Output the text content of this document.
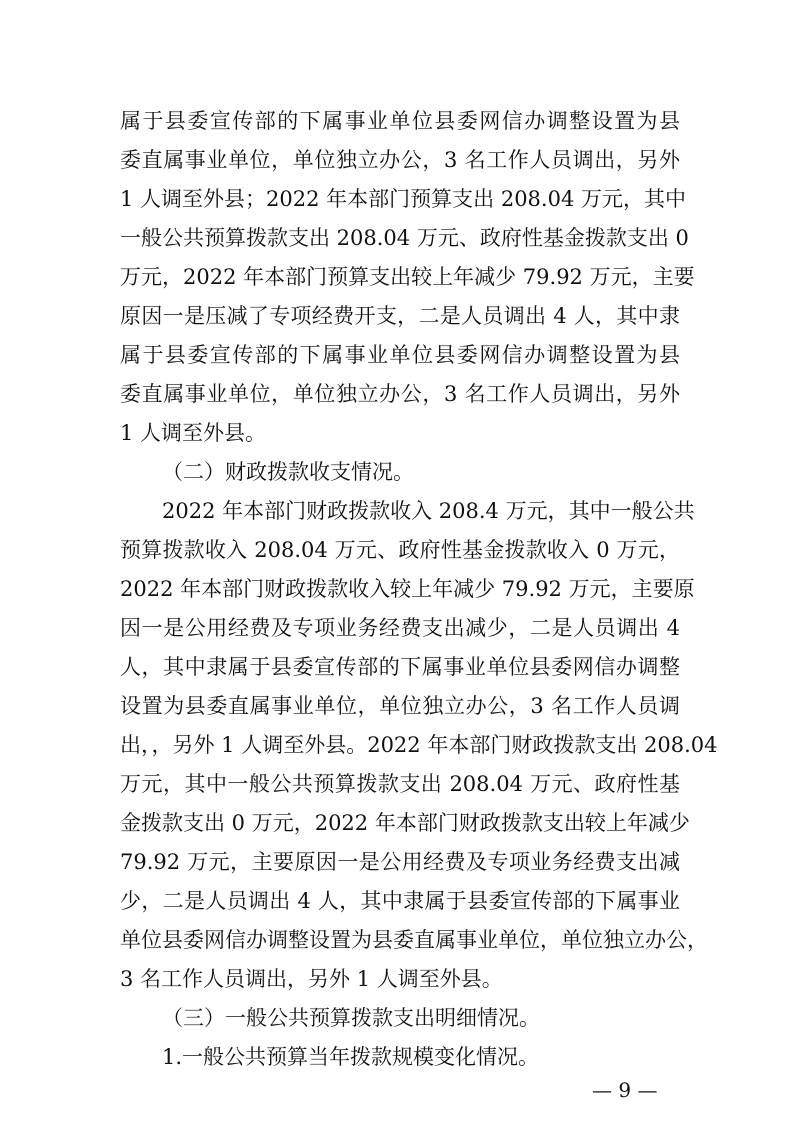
属于县委宣传部的下属事业单位县委网信办调整设置为县
委直属事业单位，单位独立办公，3 名工作人员调出，另外
1 人调至外县；2022 年本部门预算支出 208.04 万元，其中
一般公共预算拨款支出 208.04 万元、政府性基金拨款支出 0
万元，2022 年本部门预算支出较上年减少 79.92 万元，主要
原因一是压减了专项经费开支，二是人员调出 4 人，其中隶
属于县委宣传部的下属事业单位县委网信办调整设置为县
委直属事业单位，单位独立办公，3 名工作人员调出，另外
1 人调至外县。
（二）财政拨款收支情况。
2022 年本部门财政拨款收入 208.4 万元，其中一般公共
预算拨款收入 208.04 万元、政府性基金拨款收入 0 万元，
2022 年本部门财政拨款收入较上年减少 79.92 万元，主要原
因一是公用经费及专项业务经费支出减少，二是人员调出 4
人，其中隶属于县委宣传部的下属事业单位县委网信办调整
设置为县委直属事业单位，单位独立办公，3 名工作人员调
出，，另外 1 人调至外县。2022 年本部门财政拨款支出 208.04
万元，其中一般公共预算拨款支出 208.04 万元、政府性基
金拨款支出 0 万元，2022 年本部门财政拨款支出较上年减少
79.92 万元，主要原因一是公用经费及专项业务经费支出减
少，二是人员调出 4 人，其中隶属于县委宣传部的下属事业
单位县委网信办调整设置为县委直属事业单位，单位独立办公，
3 名工作人员调出，另外 1 人调至外县。
（三）一般公共预算拨款支出明细情况。
1.一般公共预算当年拨款规模变化情况。
— 9 —
